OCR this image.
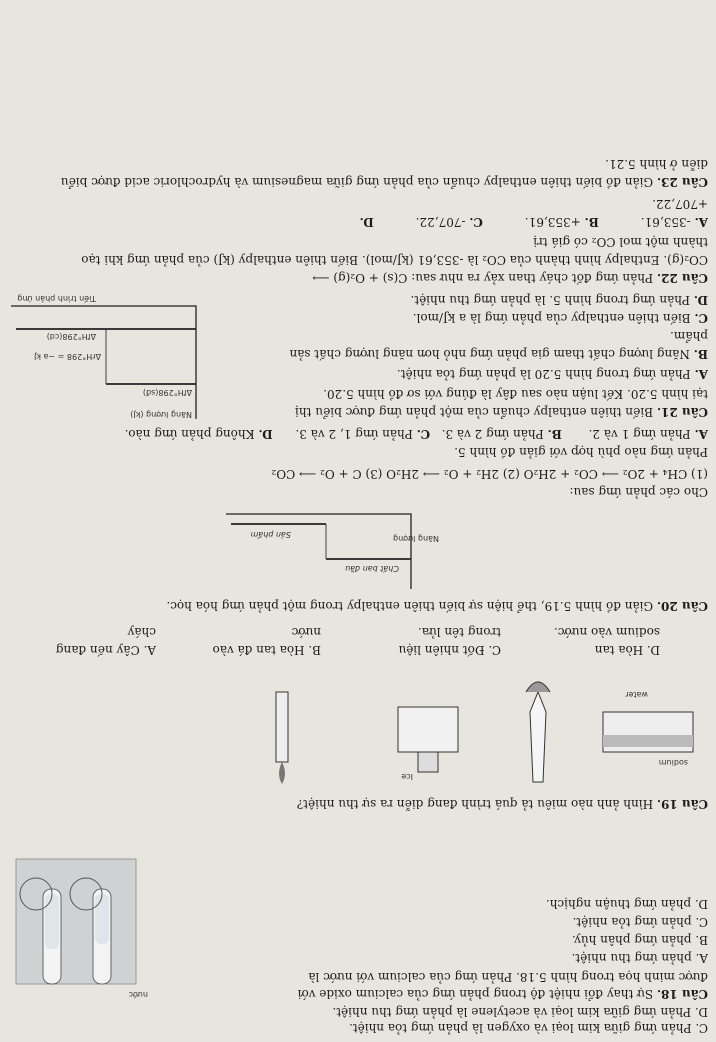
C. Phản ứng giữa kim loại và oxygen là phản ứng tỏa nhiệt.
D. Phản ứng giữa kim loại và acetylene là phản ứng thu nhiệt.
Câu 18. Sự thay đổi nhiệt độ trong phản ứng của calcium oxide với
được minh họa trong hình 5.18. Phản ứng của calcium với nước là
A. phản ứng thu nhiệt.
B. phản ứng phân hủy.
C. phản ứng tỏa nhiệt.
D. phản ứng thuận nghịch.
nước
Câu 19. Hình ảnh nào miêu tả quá trình đang diễn ra sự thu nhiệt?
sodium
water
Ice
D. Hòa tan
sodium vào nước.
C. Đốt nhiên liệu
trong tên lửa.
B. Hòa tan đá vào
nước
A. Cây nến đang
cháy
Câu 20. Giản đồ hình 5.19, thể hiện sự biến thiên enthalpy trong một phản ứng hóa học.
Chất ban đầu
Năng lượng
Sản phẩm
Cho các phản ứng sau:
(1) CH₄ + 2O₂ ⟶ CO₂ + 2H₂O (2) 2H₂ + O₂ ⟶ 2H₂O (3) C + O₂ ⟶ CO₂
Phản ứng nào phù hợp với giản đồ hình 5.
A. Phản ứng 1 và 2.       B. Phản ứng 2 và 3.   C. Phản ứng 1, 2 và 3.      D. Không phản ứng nào.
Câu 21. Biến thiên enthalpy chuẩn của một phản ứng được biểu thị
tại hình 5.20. Kết luận nào sau đây là đúng với sơ đồ hình 5.20.
A. Phản ứng trong hình 5.20 là phản ứng tỏa nhiệt.
B. Năng lượng chất tham gia phản ứng nhỏ hơn năng lượng chất sản
phẩm.
C. Biến thiên enthalpy của phản ứng là a kJ/mol.
D. Phản ứng trong hình 5. là phản ứng thu nhiệt.
Năng lượng (kJ)
ΔfH°298(sđ)
ΔrH°298 = −a kJ
ΔfH°298(cd)
Tiến trình phản ứng
Câu 22. Phản ứng đốt cháy than xảy ra như sau: C(s) + O₂(g) ⟶
CO₂(g). Enthalpy hình thành của CO₂ là -353,61 (kJ/mol). Biến thiên enthalpy (kJ) của phản ứng khi tạo
thành một mol CO₂ có giá trị
A. -353,61.           B. +353,61.           C. -707,22.           D.
+707,22.
Câu 23. Giản đồ biến thiên enthalpy chuẩn của phản ứng giữa magnesium và hydrochloric acid được biểu
diễn ở hình 5.21.
